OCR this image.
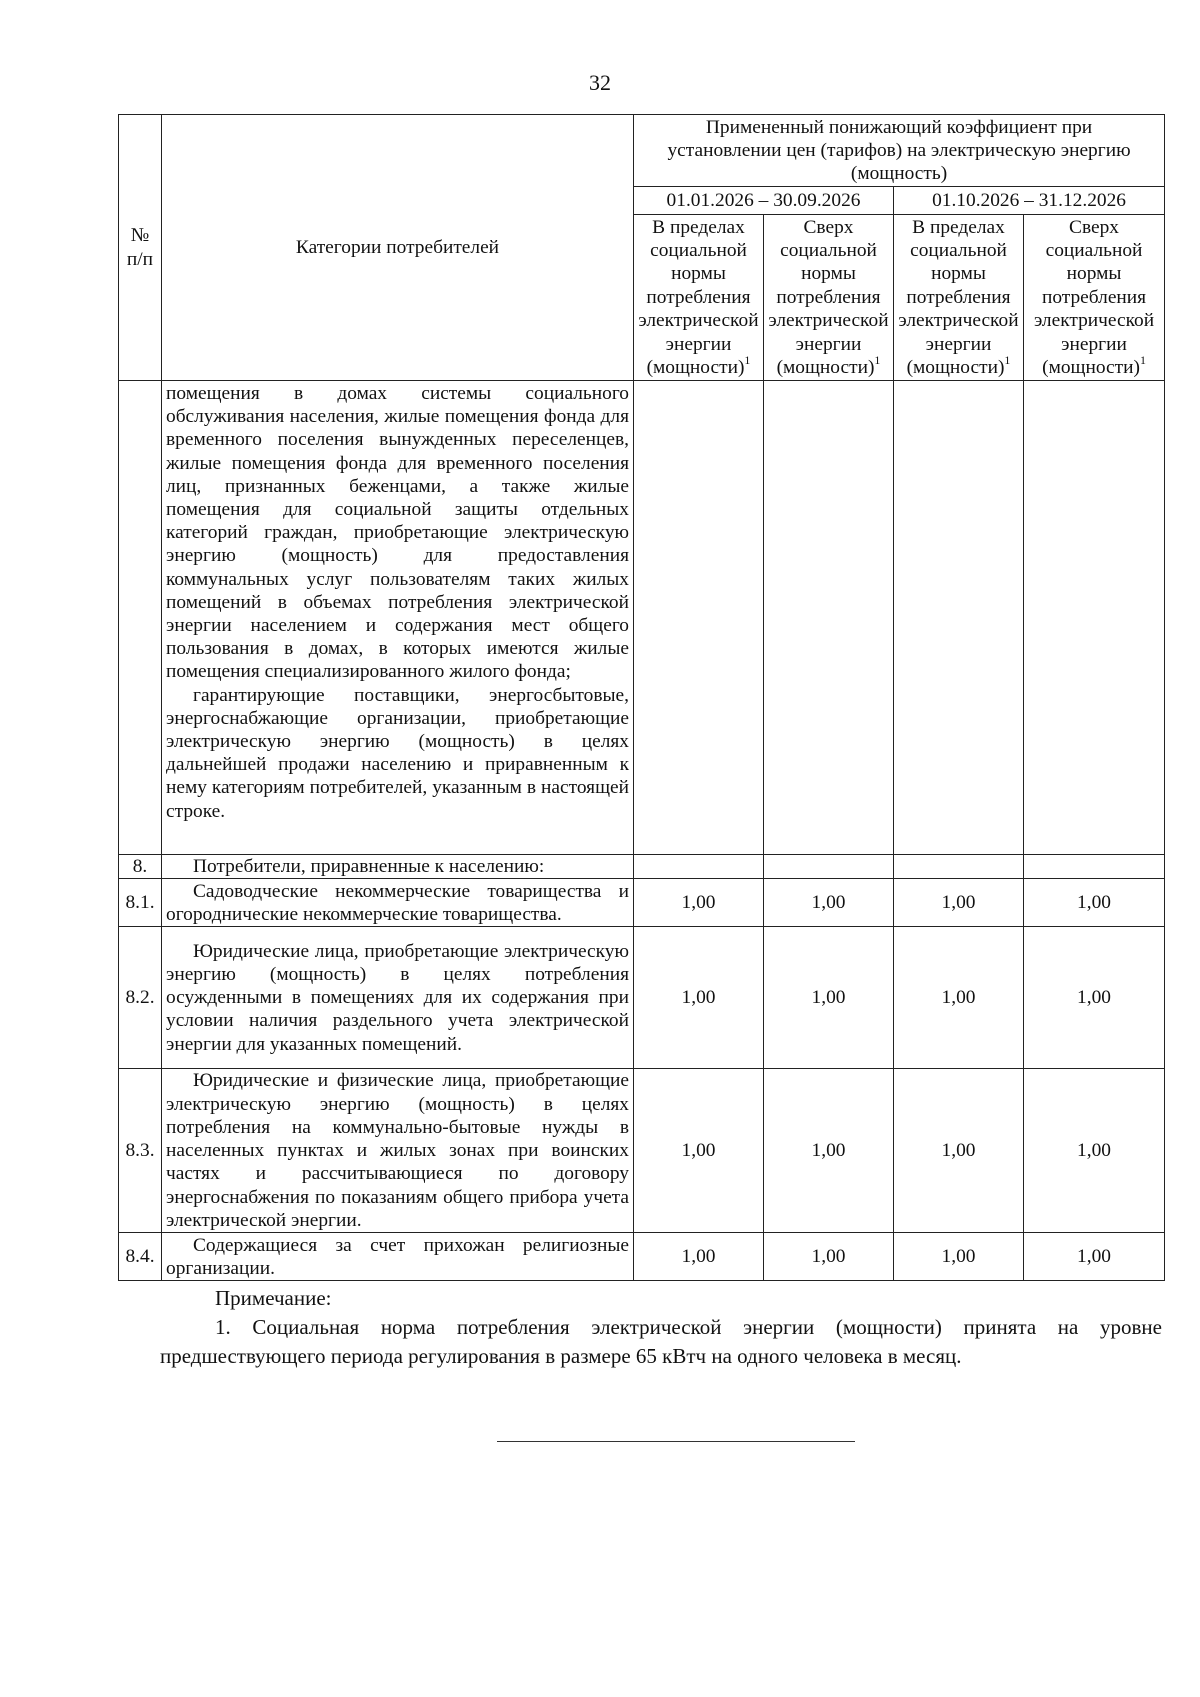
32
№
п/п	Категории потребителей	Примененный понижающий коэффициент при установлении цен (тарифов) на электрическую энергию (мощность)			
		01.01.2026 – 30.09.2026		01.10.2026 – 31.12.2026	
		В пределах социальной нормы потребления электрической энергии (мощности)$^1$	Сверх социальной нормы потребления электрической энергии (мощности)$^1$	В пределах социальной нормы потребления электрической энергии (мощности)$^1$	Сверх социальной нормы потребления электрической энергии (мощности)$^1$

	помещения в домах системы социального обслуживания населения, жилые помещения фонда для временного поселения вынужденных переселенцев, жилые помещения фонда для временного поселения лиц, признанных беженцами, а также жилые помещения для социальной защиты отдельных категорий граждан, приобретающие электрическую энергию (мощность) для предоставления коммунальных услуг пользователям таких жилых помещений в объемах потребления электрической энергии населением и содержания мест общего пользования в домах, в которых имеются жилые помещения специализированного жилого фонда;

гарантирующие поставщики, энергосбытовые, энергоснабжающие организации, приобретающие электрическую энергию (мощность) в целях дальнейшей продажи населению и приравненным к нему категориям потребителей, указанным в настоящей строке.				

8.	Потребители, приравненные к населению:				

8.1.	Садоводческие некоммерческие товарищества и огороднические некоммерческие товарищества.	1,00	1,00	1,00	1,00
8.2.	Юридические лица, приобретающие электрическую энергию (мощность) в целях потребления осужденными в помещениях для их содержания при условии наличия раздельного учета электрической энергии для указанных помещений.	1,00	1,00	1,00	1,00
8.3.	Юридические и физические лица, приобретающие электрическую энергию (мощность) в целях потребления на коммунально-бытовые нужды в населенных пунктах и жилых зонах при воинских частях и рассчитывающиеся по договору энергоснабжения по показаниям общего прибора учета электрической энергии.	1,00	1,00	1,00	1,00
8.4.	Содержащиеся за счет прихожан религиозные организации.	1,00	1,00	1,00	1,00
Примечание:
1. Социальная норма потребления электрической энергии (мощности) принята на уровне предшествующего периода регулирования в размере 65 кВтч на одного человека в месяц.
